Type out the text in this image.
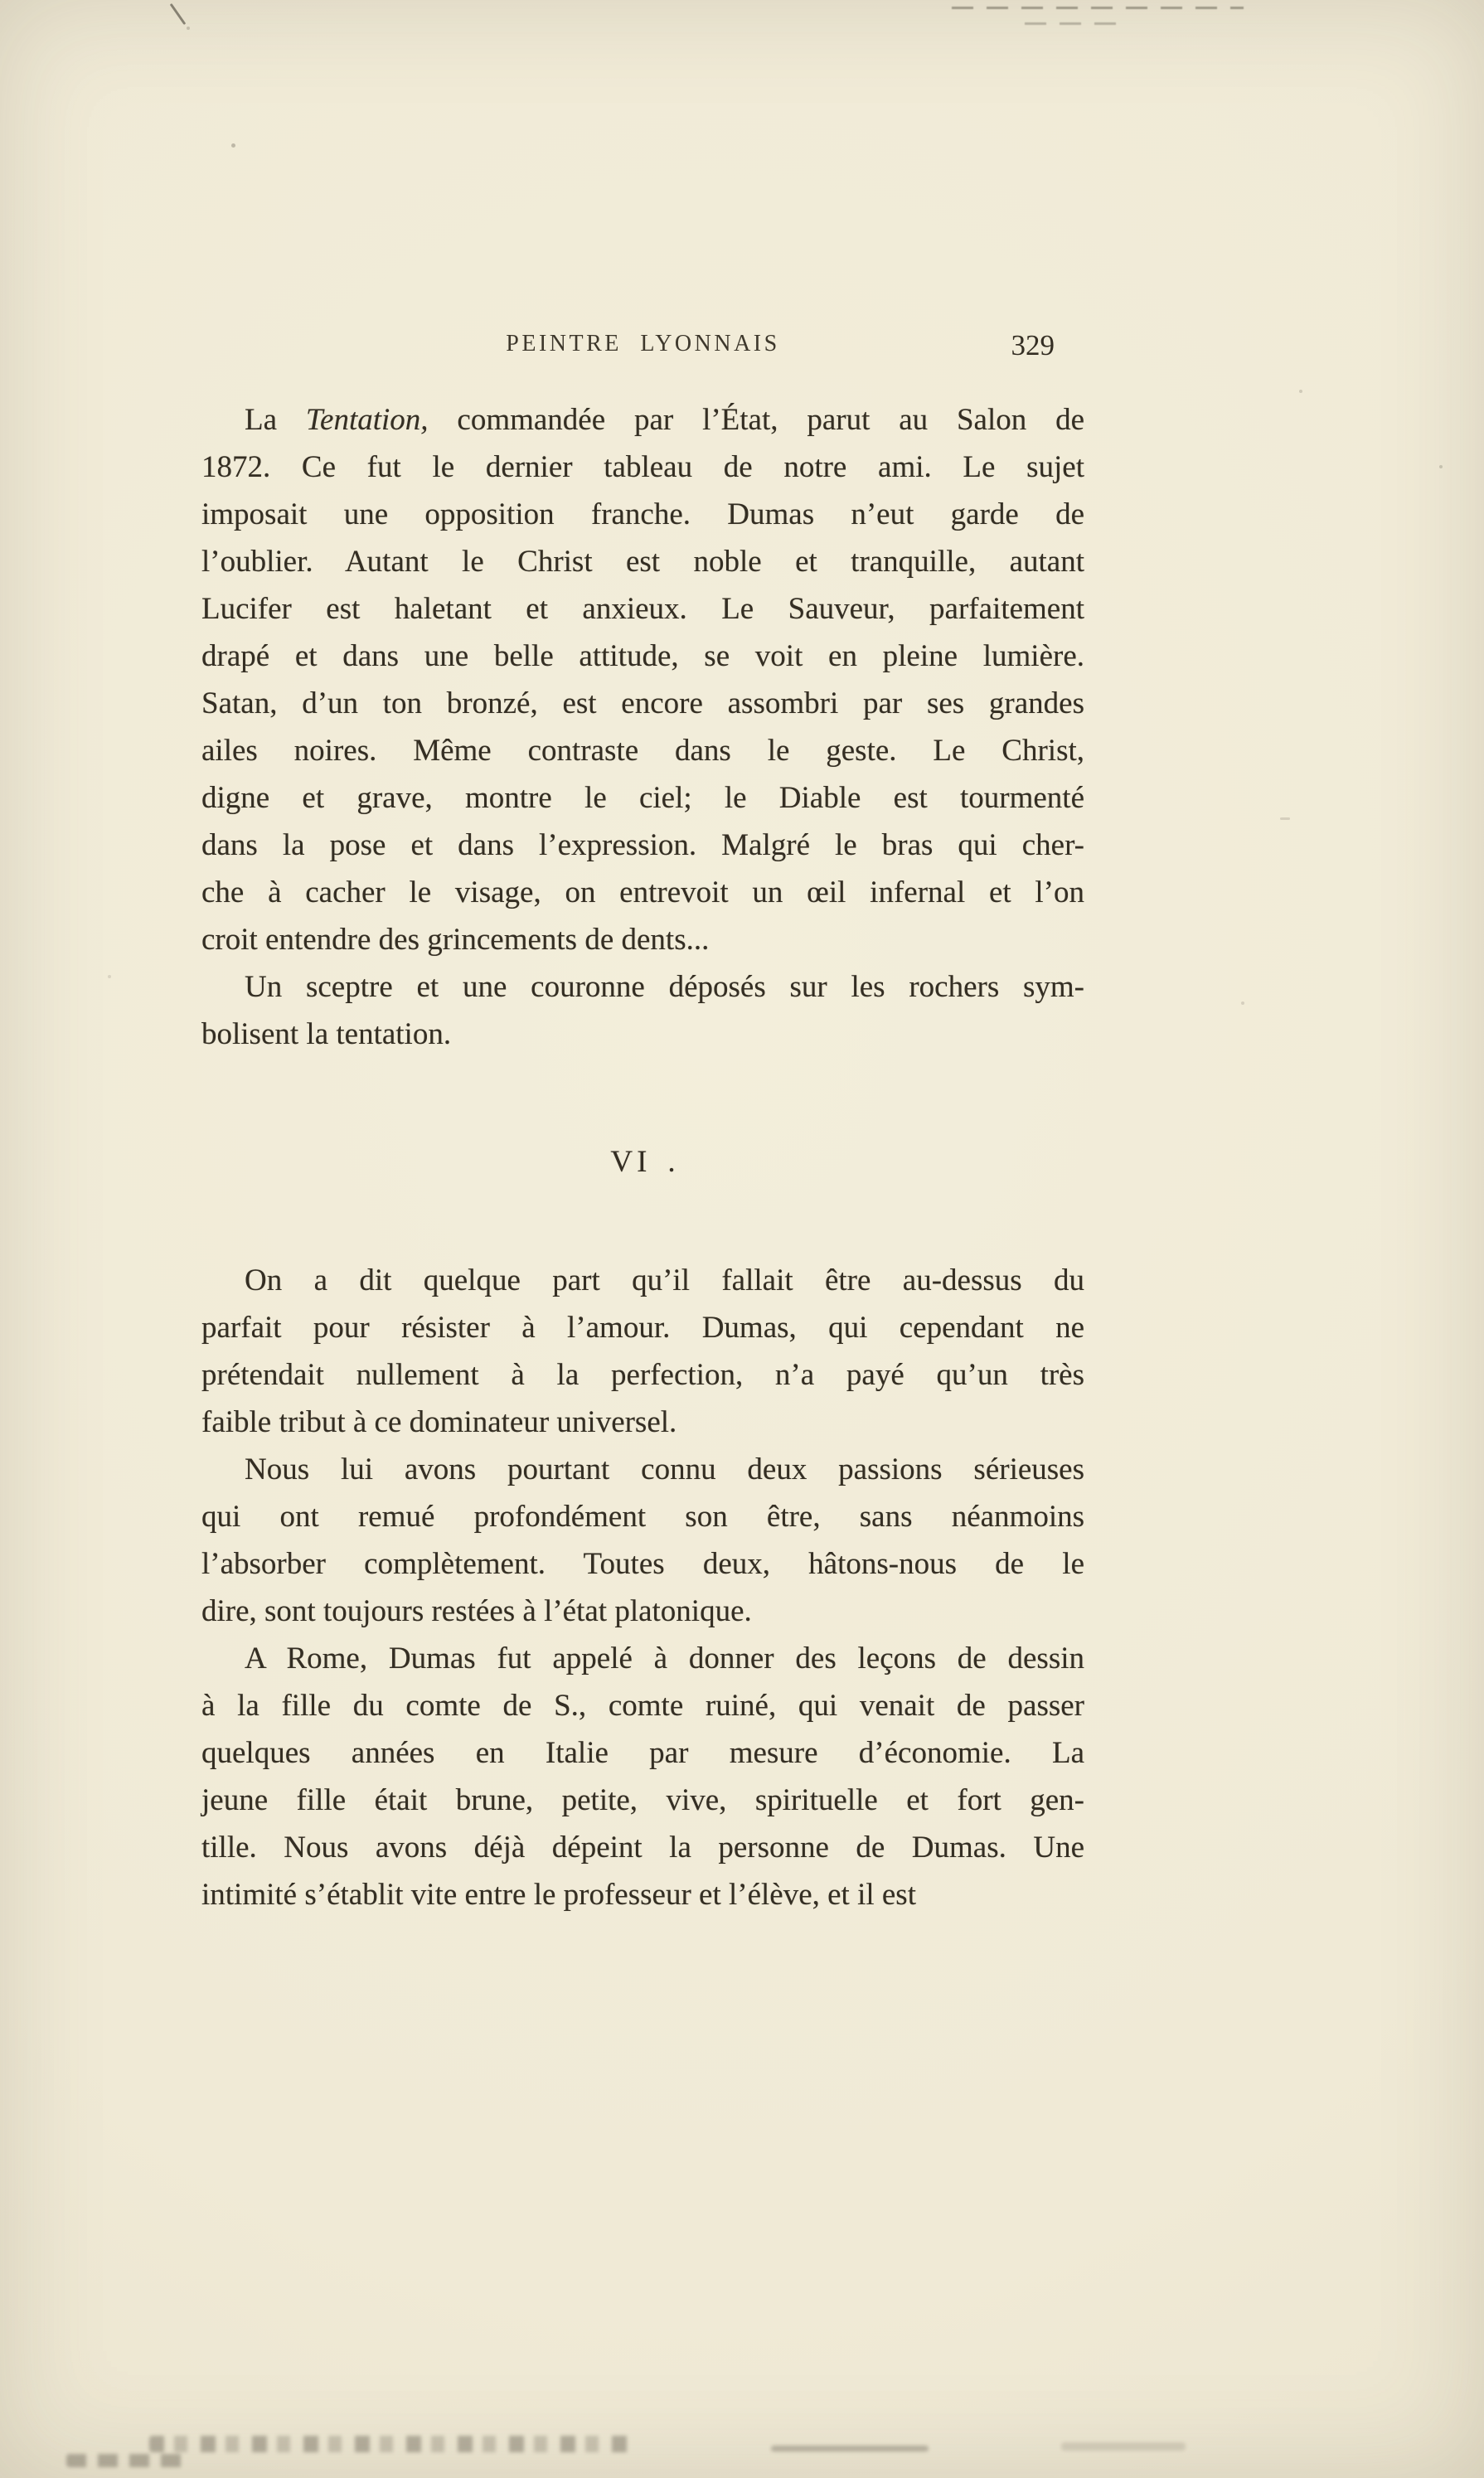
PEINTRE LYONNAIS	329
La Tentation, commandée par l’État, parut au Salon de
1872. Ce fut le dernier tableau de notre ami. Le sujet
imposait une opposition franche. Dumas n’eut garde de
l’oublier. Autant le Christ est noble et tranquille, autant
Lucifer est haletant et anxieux. Le Sauveur, parfaitement
drapé et dans une belle attitude, se voit en pleine lumière.
Satan, d’un ton bronzé, est encore assombri par ses grandes
ailes noires. Même contraste dans le geste. Le Christ,
digne et grave, montre le ciel; le Diable est tourmenté
dans la pose et dans l’expression. Malgré le bras qui cher-
che à cacher le visage, on entrevoit un œil infernal et l’on
croit entendre des grincements de dents...
Un sceptre et une couronne déposés sur les rochers sym-
bolisent la tentation.
VI .
On a dit quelque part qu’il fallait être au-dessus du
parfait pour résister à l’amour. Dumas, qui cependant ne
prétendait nullement à la perfection, n’a payé qu’un très
faible tribut à ce dominateur universel.
Nous lui avons pourtant connu deux passions sérieuses
qui ont remué profondément son être, sans néanmoins
l’absorber complètement. Toutes deux, hâtons-nous de le
dire, sont toujours restées à l’état platonique.
A Rome, Dumas fut appelé à donner des leçons de dessin
à la fille du comte de S., comte ruiné, qui venait de passer
quelques années en Italie par mesure d’économie. La
jeune fille était brune, petite, vive, spirituelle et fort gen-
tille. Nous avons déjà dépeint la personne de Dumas. Une
intimité s’établit vite entre le professeur et l’élève, et il est
